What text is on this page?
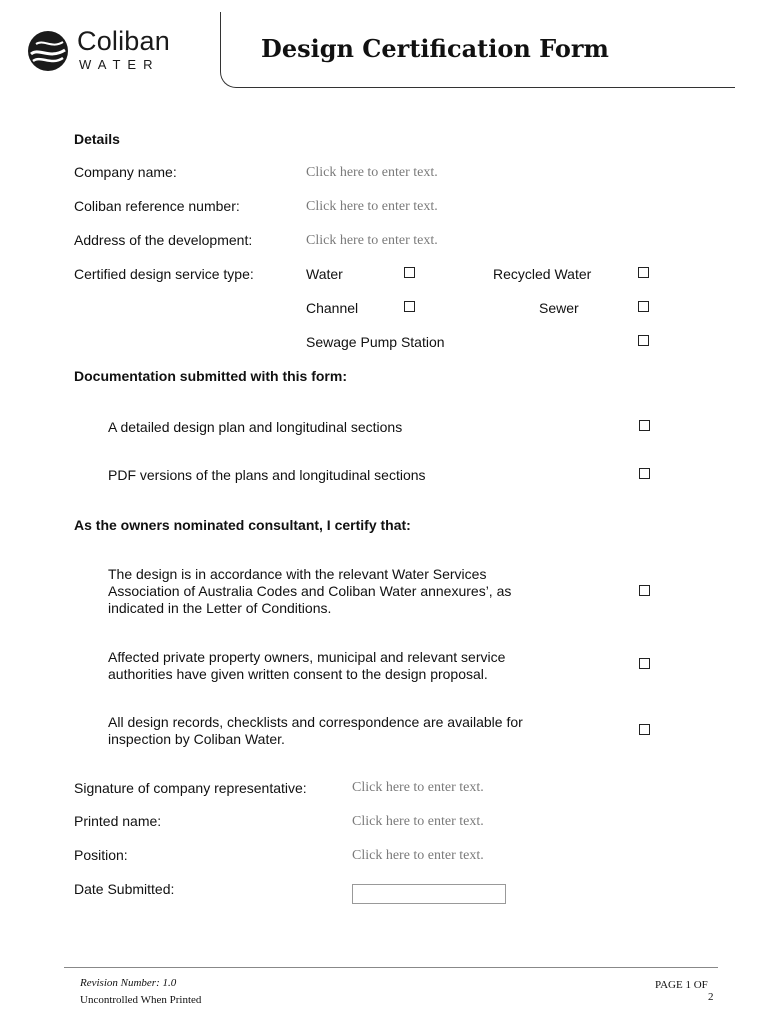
Coliban
WATER
Design Certification Form
Details
Company name:	Click here to enter text.
Coliban reference number:	Click here to enter text.
Address of the development:	Click here to enter text.
Certified design service type:	Water	Recycled Water
Channel	Sewer
Sewage Pump Station
Documentation submitted with this form:
A detailed design plan and longitudinal sections
PDF versions of the plans and longitudinal sections
As the owners nominated consultant, I certify that:
The design is in accordance with the relevant Water Services
Association of Australia Codes and Coliban Water annexures’, as
indicated in the Letter of Conditions.
Affected private property owners, municipal and relevant service
authorities have given written consent to the design proposal.
All design records, checklists and correspondence are available for
inspection by Coliban Water.
Signature of company representative:	Click here to enter text.
Printed name:	Click here to enter text.
Position:	Click here to enter text.
Date Submitted:
Revision Number: 1.0
Uncontrolled When Printed
PAGE 1 OF
2
